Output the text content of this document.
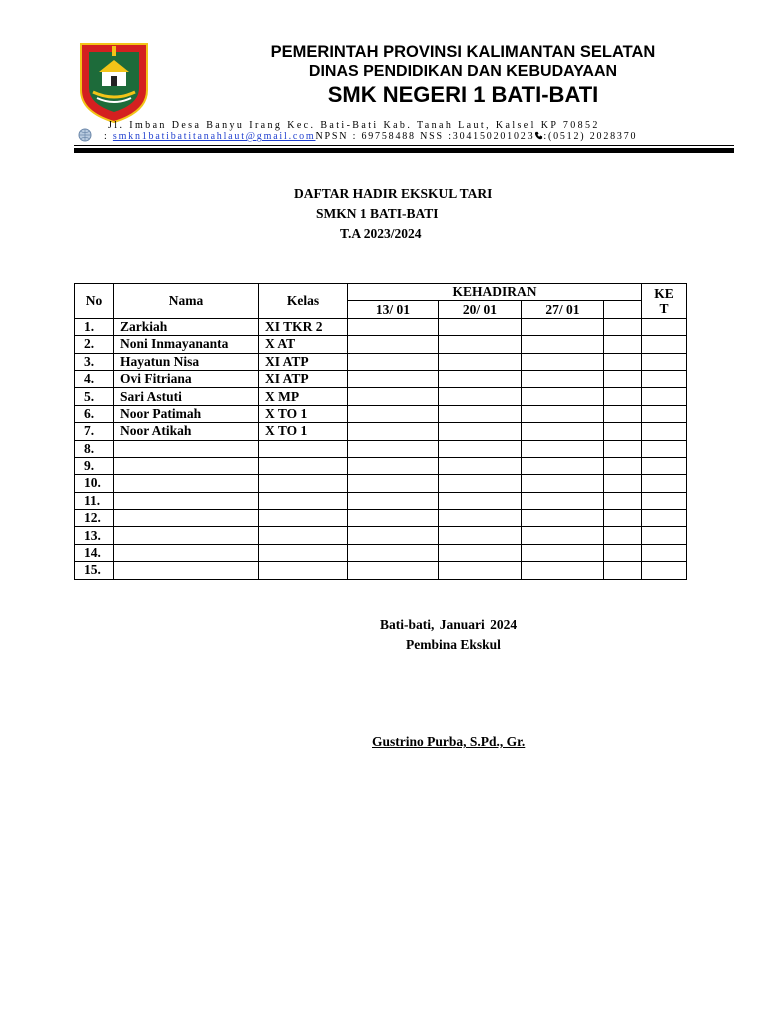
PEMERINTAH PROVINSI KALIMANTAN SELATAN
DINAS PENDIDIKAN DAN KEBUDAYAAN
SMK NEGERI 1 BATI-BATI
Jl. Imban Desa Banyu Irang Kec. Bati-Bati Kab. Tanah Laut, Kalsel KP 70852
: smkn1batibatitanahlaut@gmail.comNPSN : 69758488 NSS :304150201023 :(0512) 2028370
DAFTAR HADIR EKSKUL TARI
SMKN 1 BATI-BATI
T.A 2023/2024
No	Nama	Kelas	KEHADIRAN				KE T
			13/ 01	20/ 01	27/ 01		
1.	Zarkiah	XI TKR 2					
2.	Noni Inmayananta	X AT					
3.	Hayatun Nisa	XI ATP					
4.	Ovi Fitriana	XI ATP					
5.	Sari Astuti	X MP					
6.	Noor Patimah	X TO 1					
7.	Noor Atikah	X TO 1					
8.							
9.							
10.							
11.							
12.							
13.							
14.							
15.							
Bati-bati, Januari 2024
Pembina Ekskul
Gustrino Purba, S.Pd., Gr.
